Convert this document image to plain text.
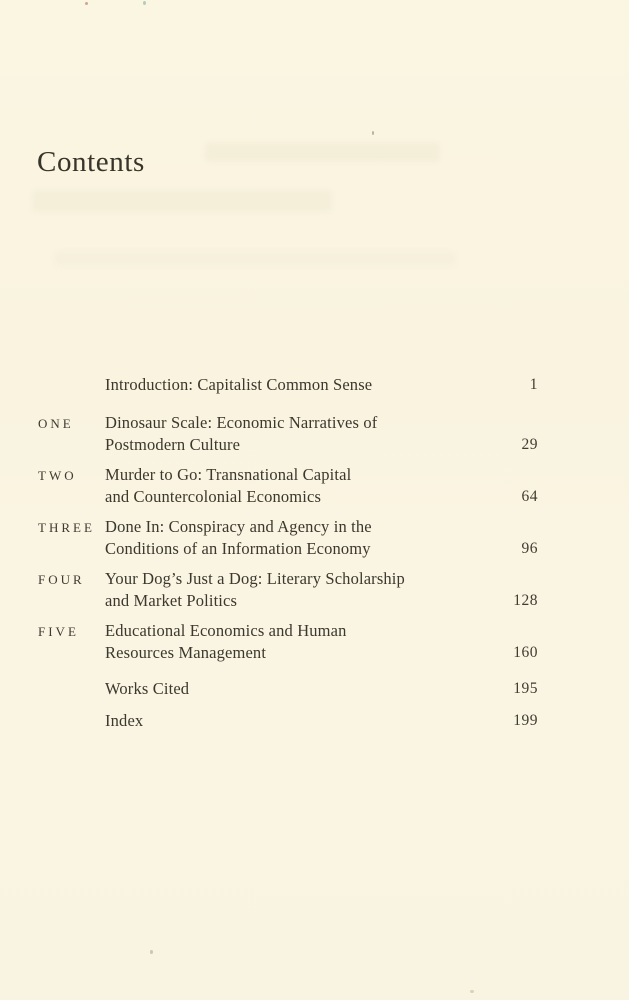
Contents
Introduction: Capitalist Common Sense	1
ONE	Dinosaur Scale: Economic Narratives of
Postmodern Culture	29
TWO	Murder to Go: Transnational Capital
and Countercolonial Economics	64
THREE Done In: Conspiracy and Agency in the
Conditions of an Information Economy	96
FOUR	Your Dog’s Just a Dog: Literary Scholarship
and Market Politics	128
FIVE	Educational Economics and Human
Resources Management	160
Works Cited	195
Index	199
